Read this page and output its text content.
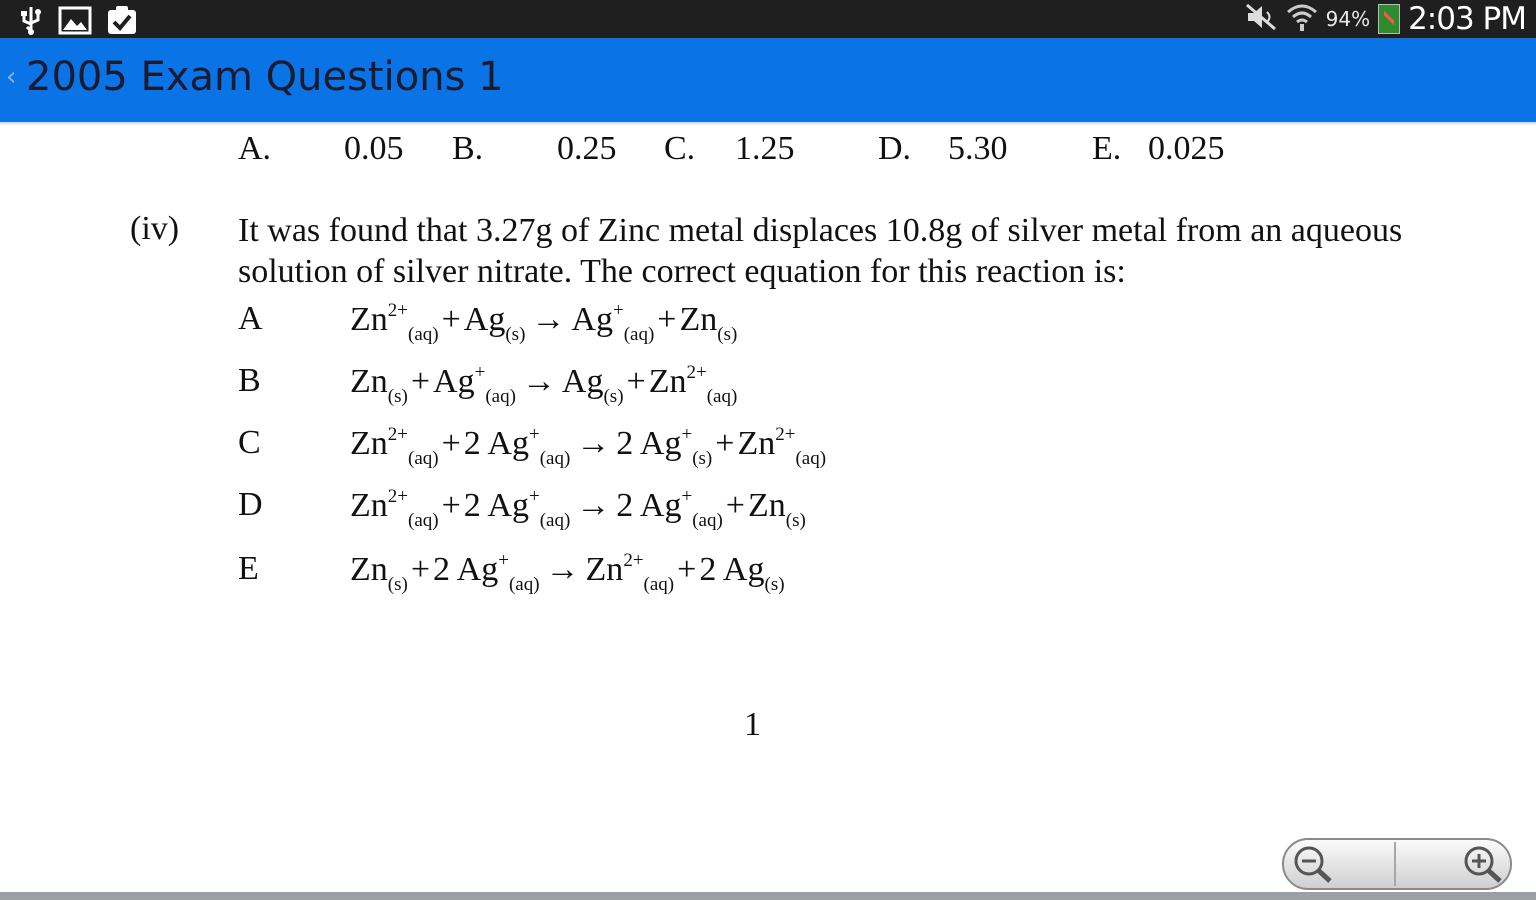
94% 2:03 PM
‹ 2005 Exam Questions 1
A. 0.05 B. 0.25 C. 1.25 D. 5.30 E. 0.025
(iv) It was found that 3.27g of Zinc metal displaces 10.8g of silver metal from an aqueous solution of silver nitrate. The correct equation for this reaction is:
A	$Zn^{2+}_{(aq)}+Ag_{(s)} \to Ag^+_{(aq)}+Zn_{(s)}$
B	$Zn_{(s)}+Ag^+_{(aq)} \to Ag_{(s)}+Zn^{2+}_{(aq)}$
C	$Zn^{2+}_{(aq)}+2$ $Ag^+_{(aq)} \to 2$ $Ag^+_{(s)}+Zn^{2+}_{(aq)}$
D	$Zn^{2+}_{(aq)}+2$ $Ag^+_{(aq)} \to 2$ $Ag^+_{(aq)}+Zn_{(s)}$
E	$Zn_{(s)}+2$ $Ag^+_{(aq)} \to Zn^{2+}_{(aq)}+2$ $Ag_{(s)}$
1
